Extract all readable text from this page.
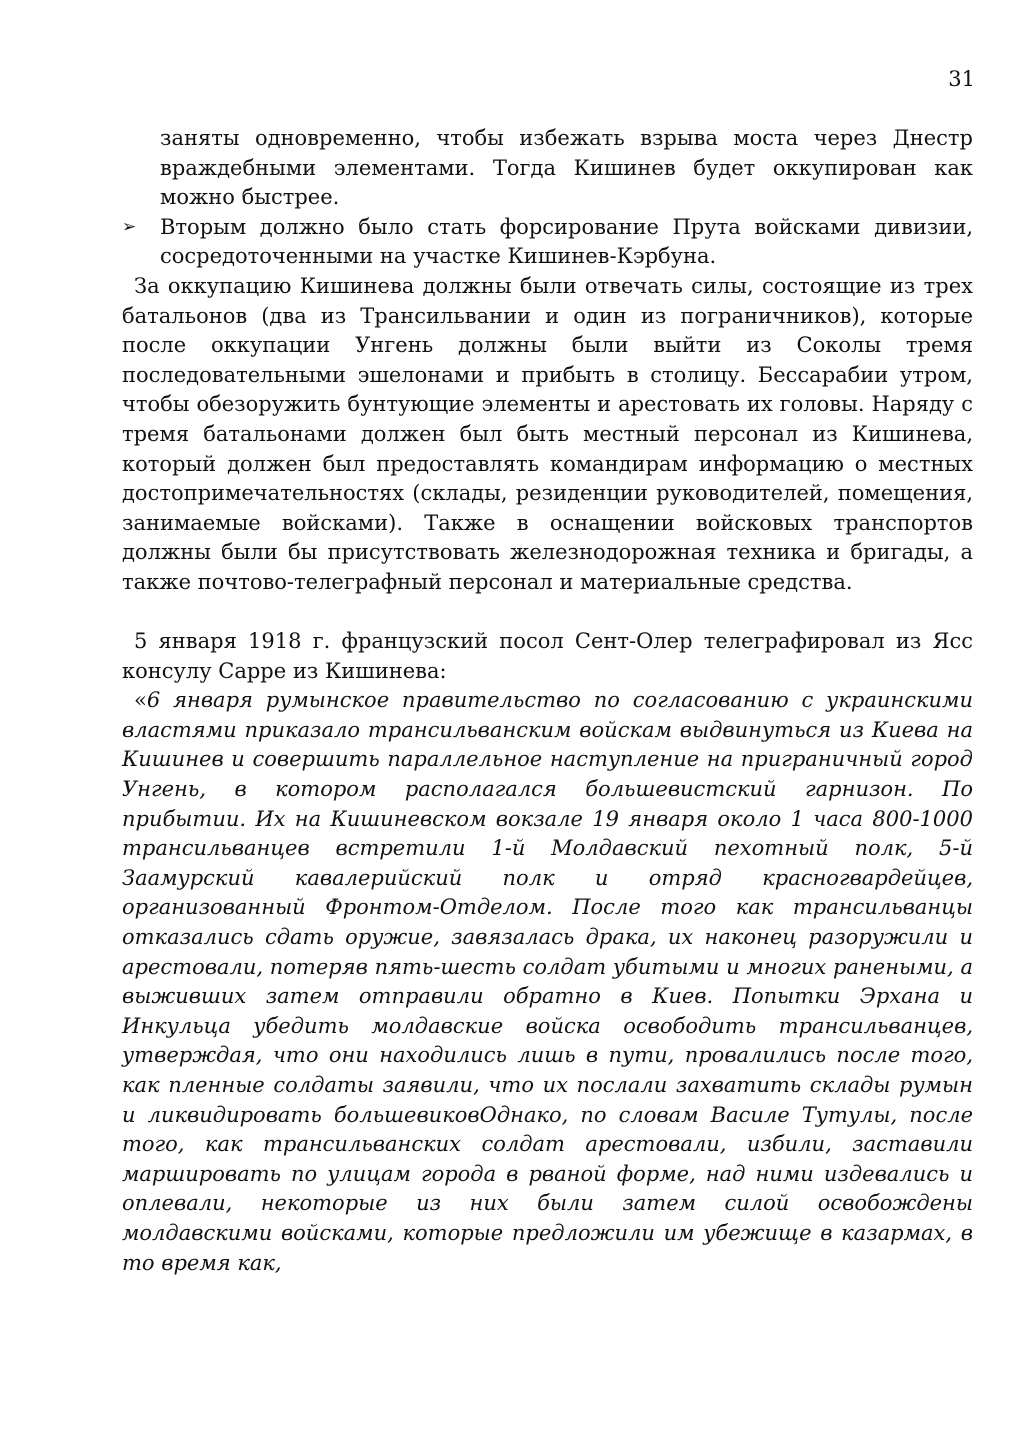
31

заняты одновременно, чтобы избежать взрыва моста через Днестр враждебными элементами. Тогда Кишинев будет оккупирован как можно быстрее.

➢	Вторым должно было стать форсирование Прута войсками дивизии, сосредоточенными на участке Кишинев-Кэрбуна.

За оккупацию Кишинева должны были отвечать силы, состоящие из трех батальонов (два из Трансильвании и один из пограничников), которые после оккупации Унгень должны были выйти из Соколы тремя последовательными эшелонами и прибыть в столицу. Бессарабии утром, чтобы обезоружить бунтующие элементы и арестовать их головы. Наряду с тремя батальонами должен был быть местный персонал из Кишинева, который должен был предоставлять командирам информацию о местных достопримечательностях (склады, резиденции руководителей, помещения, занимаемые войсками). Также в оснащении войсковых транспортов должны были бы присутствовать железнодорожная техника и бригады, а также почтово-телеграфный персонал и материальные средства.

5 января 1918 г. французский посол Сент-Олер телеграфировал из Ясс консулу Сарре из Кишинева:

«6 января румынское правительство по согласованию с украинскими властями приказало трансильванским войскам выдвинуться из Киева на Кишинев и совершить параллельное наступление на приграничный город Унгень, в котором располагался большевистский гарнизон. По прибытии. Их на Кишиневском вокзале 19 января около 1 часа 800-1000 трансильванцев встретили 1-й Молдавский пехотный полк, 5-й Заамурский кавалерийский полк и отряд красногвардейцев, организованный Фронтом-Отделом. После того как трансильванцы отказались сдать оружие, завязалась драка, их наконец разоружили и арестовали, потеряв пять-шесть солдат убитыми и многих ранеными, а выживших затем отправили обратно в Киев. Попытки Эрхана и Инкульца убедить молдавские войска освободить трансильванцев, утверждая, что они находились лишь в пути, провалились после того, как пленные солдаты заявили, что их послали захватить склады румын и ликвидировать большевиковОднако, по словам Василе Тутулы, после того, как трансильванских солдат арестовали, избили, заставили маршировать по улицам города в рваной форме, над ними издевались и оплевали, некоторые из них были затем силой освобождены молдавскими войсками, которые предложили им убежище в казармах, в то время как,
